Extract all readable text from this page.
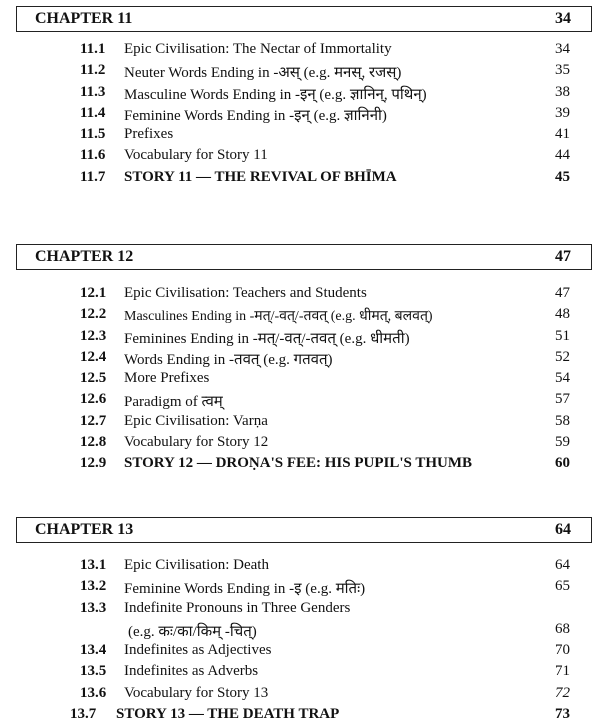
CHAPTER 11	34
11.1 Epic Civilisation: The Nectar of Immortality	34
11.2 Neuter Words Ending in -अस् (e.g. मनस्, रजस्)	35
11.3 Masculine Words Ending in -इन् (e.g. ज्ञानिन्, पथिन्)	38
11.4 Feminine Words Ending in -इन् (e.g. ज्ञानिनी)	39
11.5 Prefixes	41
11.6 Vocabulary for Story 11	44
11.7 STORY 11 — THE REVIVAL OF BHĪMA	45
CHAPTER 12	47
12.1 Epic Civilisation: Teachers and Students	47
12.2 Masculines Ending in -मत्/-वत्/-तवत् (e.g. धीमत्, बलवत्)	48
12.3 Feminines Ending in -मत्/-वत्/-तवत् (e.g. धीमती)	51
12.4 Words Ending in -तवत् (e.g. गतवत्)	52
12.5 More Prefixes	54
12.6 Paradigm of त्वम्	57
12.7 Epic Civilisation: Varṇa	58
12.8 Vocabulary for Story 12	59
12.9 STORY 12 — DROṆA'S FEE: HIS PUPIL'S THUMB	60
CHAPTER 13	64
13.1 Epic Civilisation: Death	64
13.2 Feminine Words Ending in -इ (e.g. मतिः)	65
13.3 Indefinite Pronouns in Three Genders
(e.g. कः/का/किम् -चित्)	68
13.4 Indefinites as Adjectives	70
13.5 Indefinites as Adverbs	71
13.6 Vocabulary for Story 13	72
13.7 STORY 13 — THE DEATH TRAP	73
